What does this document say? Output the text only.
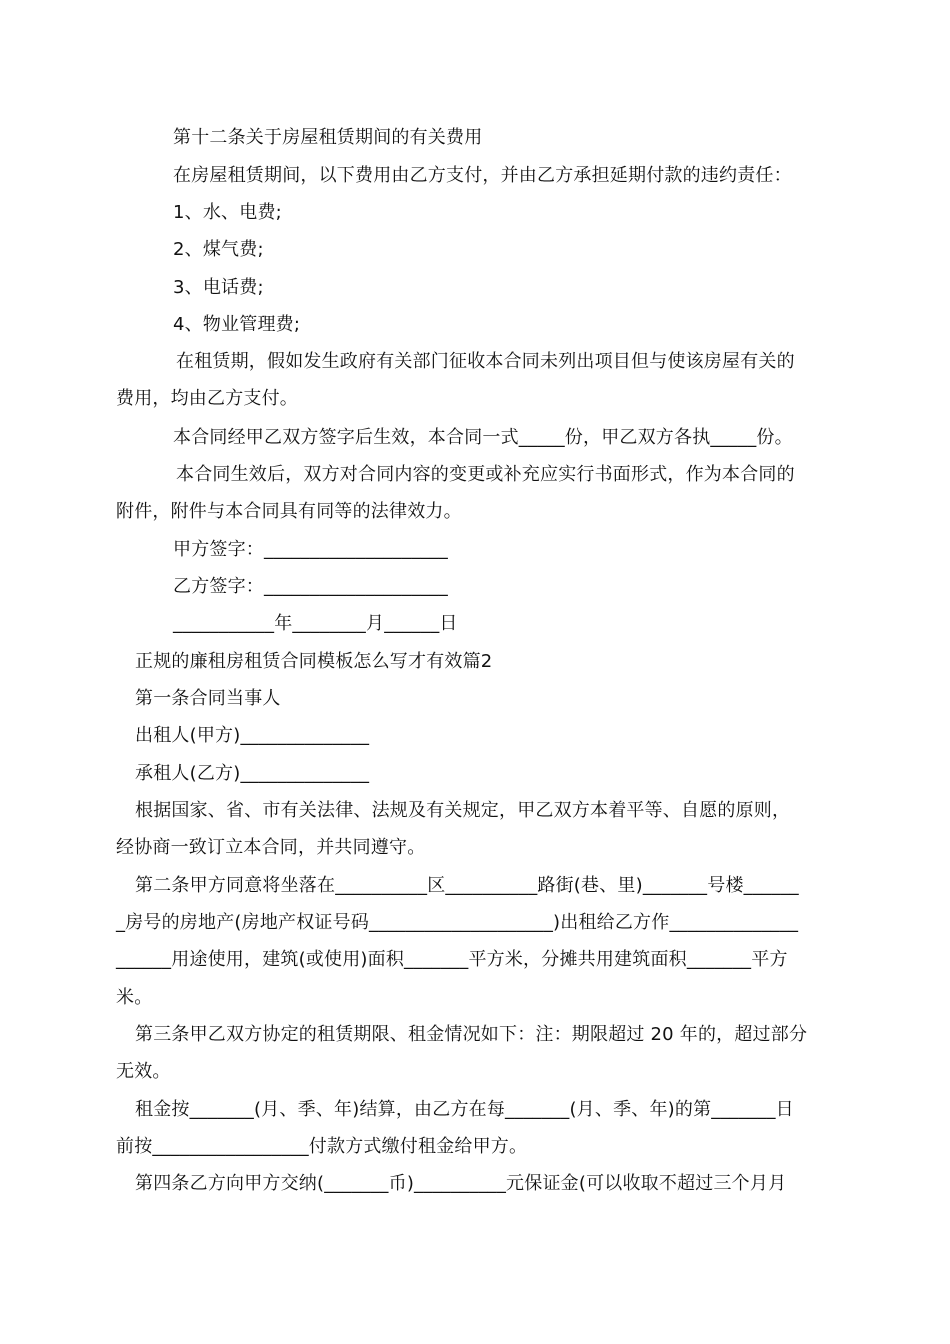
第十二条关于房屋租赁期间的有关费用
在房屋租赁期间，以下费用由乙方支付，并由乙方承担延期付款的违约责任：
1、水、电费;
2、煤气费;
3、电话费;
4、物业管理费;
在租赁期，假如发生政府有关部门征收本合同未列出项目但与使该房屋有关的
费用，均由乙方支付。
本合同经甲乙双方签字后生效，本合同一式_____份，甲乙双方各执_____份。
本合同生效后，双方对合同内容的变更或补充应实行书面形式，作为本合同的
附件，附件与本合同具有同等的法律效力。
甲方签字：____________________
乙方签字：____________________
___________年________月______日
正规的廉租房租赁合同模板怎么写才有效篇2
第一条合同当事人
出租人(甲方)______________
承租人(乙方)______________
根据国家、省、市有关法律、法规及有关规定，甲乙双方本着平等、自愿的原则，
经协商一致订立本合同，并共同遵守。
第二条甲方同意将坐落在__________区__________路街(巷、里)_______号楼______
_房号的房地产(房地产权证号码____________________)出租给乙方作______________
______用途使用，建筑(或使用)面积_______平方米，分摊共用建筑面积_______平方
米。
第三条甲乙双方协定的租赁期限、租金情况如下：注：期限超过 20 年的，超过部分
无效。
租金按_______(月、季、年)结算，由乙方在每_______(月、季、年)的第_______日
前按_________________付款方式缴付租金给甲方。
第四条乙方向甲方交纳(_______币)__________元保证金(可以收取不超过三个月月
